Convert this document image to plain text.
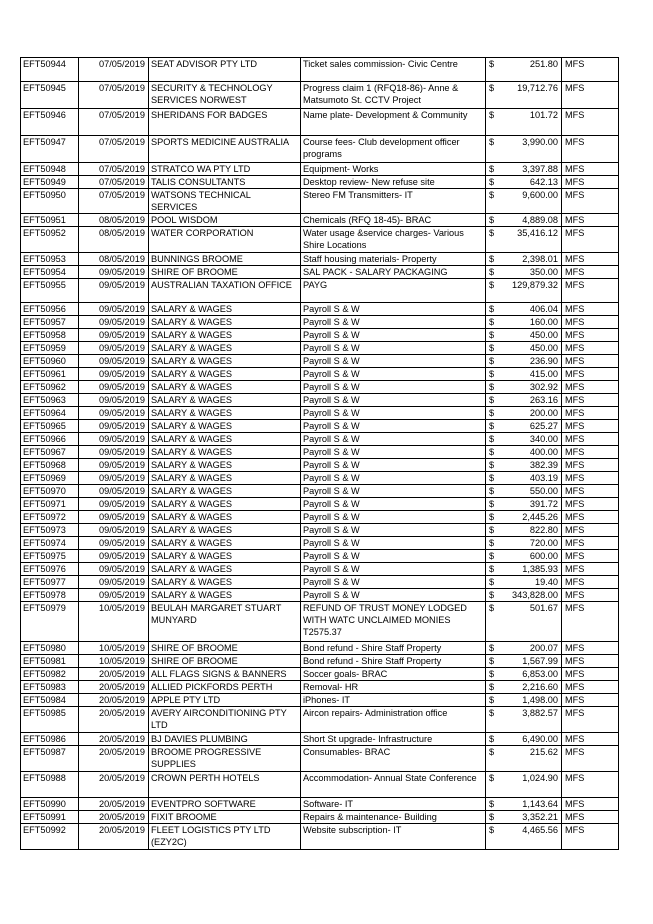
EFT50944	07/05/2019	SEAT ADVISOR PTY LTD	Ticket sales commission- Civic Centre	$	251.80	MFS
EFT50945	07/05/2019	SECURITY & TECHNOLOGY SERVICES NORWEST	Progress claim 1 (RFQ18-86)- Anne & Matsumoto St. CCTV Project	$	19,712.76	MFS
EFT50946	07/05/2019	SHERIDANS FOR BADGES	Name plate- Development & Community	$	101.72	MFS
EFT50947	07/05/2019	SPORTS MEDICINE AUSTRALIA	Course fees- Club development officer programs	$	3,990.00	MFS
EFT50948	07/05/2019	STRATCO WA PTY LTD	Equipment- Works	$	3,397.88	MFS
EFT50949	07/05/2019	TALIS CONSULTANTS	Desktop review- New refuse site	$	642.13	MFS
EFT50950	07/05/2019	WATSONS TECHNICAL SERVICES	Stereo FM Transmitters- IT	$	9,600.00	MFS
EFT50951	08/05/2019	POOL WISDOM	Chemicals (RFQ 18-45)- BRAC	$	4,889.08	MFS
EFT50952	08/05/2019	WATER CORPORATION	Water usage &service charges- Various Shire Locations	$	35,416.12	MFS
EFT50953	08/05/2019	BUNNINGS BROOME	Staff housing materials- Property	$	2,398.01	MFS
EFT50954	09/05/2019	SHIRE OF BROOME	SAL PACK - SALARY PACKAGING	$	350.00	MFS
EFT50955	09/05/2019	AUSTRALIAN TAXATION OFFICE	PAYG	$	129,879.32	MFS
EFT50956	09/05/2019	SALARY & WAGES	Payroll S & W	$	406.04	MFS
EFT50957	09/05/2019	SALARY & WAGES	Payroll S & W	$	160.00	MFS
EFT50958	09/05/2019	SALARY & WAGES	Payroll S & W	$	450.00	MFS
EFT50959	09/05/2019	SALARY & WAGES	Payroll S & W	$	450.00	MFS
EFT50960	09/05/2019	SALARY & WAGES	Payroll S & W	$	236.90	MFS
EFT50961	09/05/2019	SALARY & WAGES	Payroll S & W	$	415.00	MFS
EFT50962	09/05/2019	SALARY & WAGES	Payroll S & W	$	302.92	MFS
EFT50963	09/05/2019	SALARY & WAGES	Payroll S & W	$	263.16	MFS
EFT50964	09/05/2019	SALARY & WAGES	Payroll S & W	$	200.00	MFS
EFT50965	09/05/2019	SALARY & WAGES	Payroll S & W	$	625.27	MFS
EFT50966	09/05/2019	SALARY & WAGES	Payroll S & W	$	340.00	MFS
EFT50967	09/05/2019	SALARY & WAGES	Payroll S & W	$	400.00	MFS
EFT50968	09/05/2019	SALARY & WAGES	Payroll S & W	$	382.39	MFS
EFT50969	09/05/2019	SALARY & WAGES	Payroll S & W	$	403.19	MFS
EFT50970	09/05/2019	SALARY & WAGES	Payroll S & W	$	550.00	MFS
EFT50971	09/05/2019	SALARY & WAGES	Payroll S & W	$	391.72	MFS
EFT50972	09/05/2019	SALARY & WAGES	Payroll S & W	$	2,445.26	MFS
EFT50973	09/05/2019	SALARY & WAGES	Payroll S & W	$	822.80	MFS
EFT50974	09/05/2019	SALARY & WAGES	Payroll S & W	$	720.00	MFS
EFT50975	09/05/2019	SALARY & WAGES	Payroll S & W	$	600.00	MFS
EFT50976	09/05/2019	SALARY & WAGES	Payroll S & W	$	1,385.93	MFS
EFT50977	09/05/2019	SALARY & WAGES	Payroll S & W	$	19.40	MFS
EFT50978	09/05/2019	SALARY & WAGES	Payroll S & W	$	343,828.00	MFS
EFT50979	10/05/2019	BEULAH MARGARET STUART MUNYARD	REFUND OF TRUST MONEY LODGED WITH WATC UNCLAIMED MONIES T2575.37	$	501.67	MFS
EFT50980	10/05/2019	SHIRE OF BROOME	Bond refund - Shire Staff Property	$	200.07	MFS
EFT50981	10/05/2019	SHIRE OF BROOME	Bond refund - Shire Staff Property	$	1,567.99	MFS
EFT50982	20/05/2019	ALL FLAGS SIGNS & BANNERS	Soccer goals- BRAC	$	6,853.00	MFS
EFT50983	20/05/2019	ALLIED PICKFORDS PERTH	Removal- HR	$	2,216.60	MFS
EFT50984	20/05/2019	APPLE PTY LTD	iPhones- IT	$	1,498.00	MFS
EFT50985	20/05/2019	AVERY AIRCONDITIONING PTY LTD	Aircon repairs- Administration office	$	3,882.57	MFS
EFT50986	20/05/2019	BJ DAVIES PLUMBING	Short St upgrade- Infrastructure	$	6,490.00	MFS
EFT50987	20/05/2019	BROOME PROGRESSIVE SUPPLIES	Consumables- BRAC	$	215.62	MFS
EFT50988	20/05/2019	CROWN PERTH HOTELS	Accommodation- Annual State Conference	$	1,024.90	MFS
EFT50990	20/05/2019	EVENTPRO SOFTWARE	Software- IT	$	1,143.64	MFS
EFT50991	20/05/2019	FIXIT BROOME	Repairs & maintenance- Building	$	3,352.21	MFS
EFT50992	20/05/2019	FLEET LOGISTICS PTY LTD (EZY2C)	Website subscription- IT	$	4,465.56	MFS
